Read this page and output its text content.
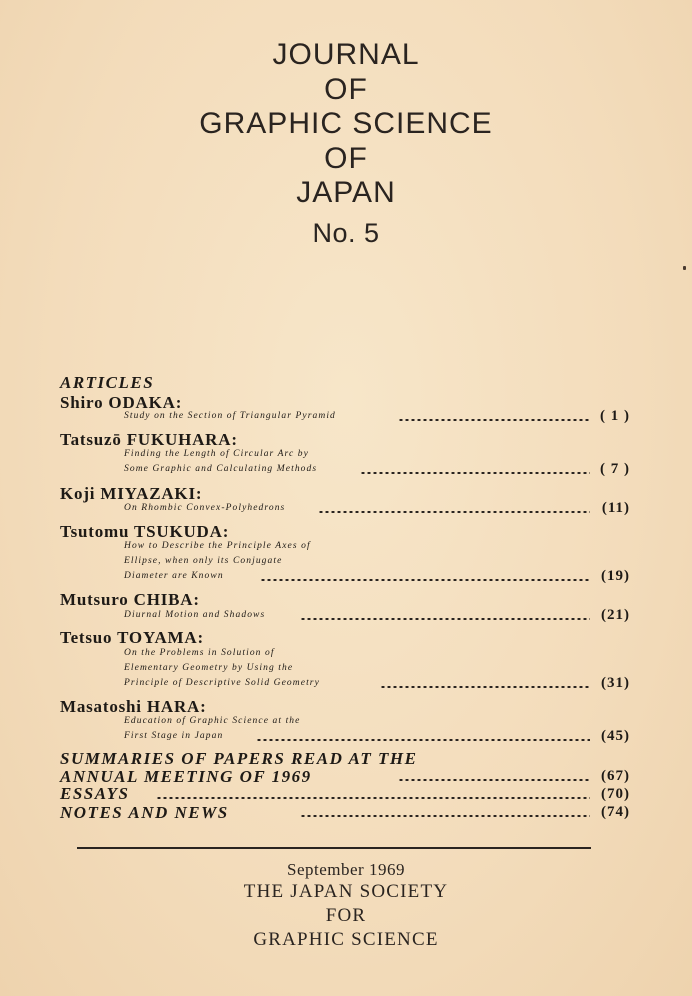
JOURNAL
OF
GRAPHIC SCIENCE
OF
JAPAN
No. 5
ARTICLES
Shiro ODAKA:
Study on the Section of Triangular Pyramid	( 1 )
Tatsuzō FUKUHARA:
Finding the Length of Circular Arc by
Some Graphic and Calculating Methods	( 7 )
Koji MIYAZAKI:
On Rhombic Convex-Polyhedrons	(11)
Tsutomu TSUKUDA:
How to Describe the Principle Axes of
Ellipse, when only its Conjugate
Diameter are Known	(19)
Mutsuro CHIBA:
Diurnal Motion and Shadows	(21)
Tetsuo TOYAMA:
On the Problems in Solution of
Elementary Geometry by Using the
Principle of Descriptive Solid Geometry	(31)
Masatoshi HARA:
Education of Graphic Science at the
First Stage in Japan	(45)
SUMMARIES OF PAPERS READ AT THE
ANNUAL MEETING OF 1969	(67)
ESSAYS	(70)
NOTES AND NEWS	(74)
September 1969
THE JAPAN SOCIETY
FOR
GRAPHIC SCIENCE
